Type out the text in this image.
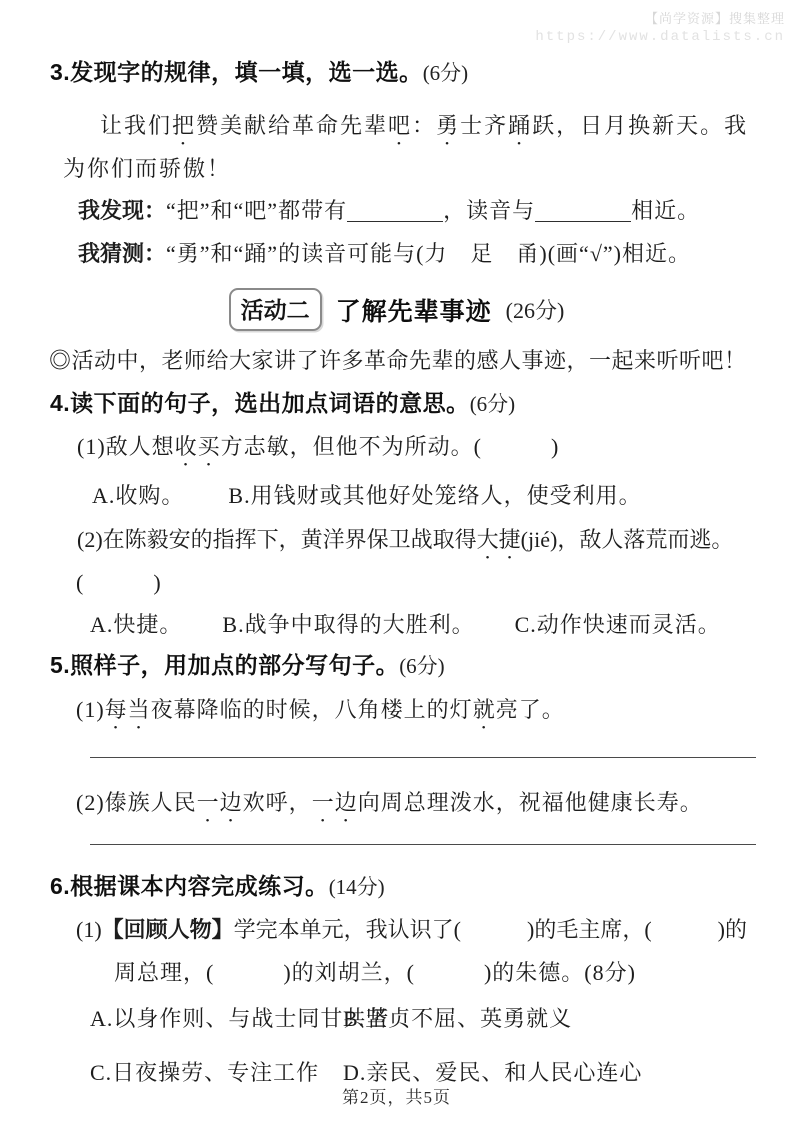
【尚学资源】搜集整理
https://www.datalists.cn
3.发现字的规律，填一填，选一选。(6分)
让我们把赞美献给革命先辈吧：勇士齐踊跃，日月换新天。我
为你们而骄傲！
我发现：“把”和“吧”都带有	，读音与	相近。
我猜测：“勇”和“踊”的读音可能与(力　足　甬)(画“√”)相近。
活动二	了解先辈事迹 (26分)
◎活动中，老师给大家讲了许多革命先辈的感人事迹，一起来听听吧！
4.读下面的句子，选出加点词语的意思。(6分)
(1)敌人想收买方志敏，但他不为所动。(　　　)
A.收购。 B.用钱财或其他好处笼络人，使受利用。
(2)在陈毅安的指挥下，黄洋界保卫战取得大捷(jié)，敌人落荒而逃。
(　　　)
A.快捷。 B.战争中取得的大胜利。 C.动作快速而灵活。
5.照样子，用加点的部分写句子。(6分)
(1)每当夜幕降临的时候，八角楼上的灯就亮了。
(2)傣族人民一边欢呼，一边向周总理泼水，祝福他健康长寿。
6.根据课本内容完成练习。(14分)
(1)【回顾人物】学完本单元，我认识了(　　　)的毛主席，(　　　)的
周总理，(　　　)的刘胡兰，(　　　)的朱德。(8分)
A.以身作则、与战士同甘共苦
B.坚贞不屈、英勇就义
C.日夜操劳、专注工作	D.亲民、爱民、和人民心连心
第2页，共5页
